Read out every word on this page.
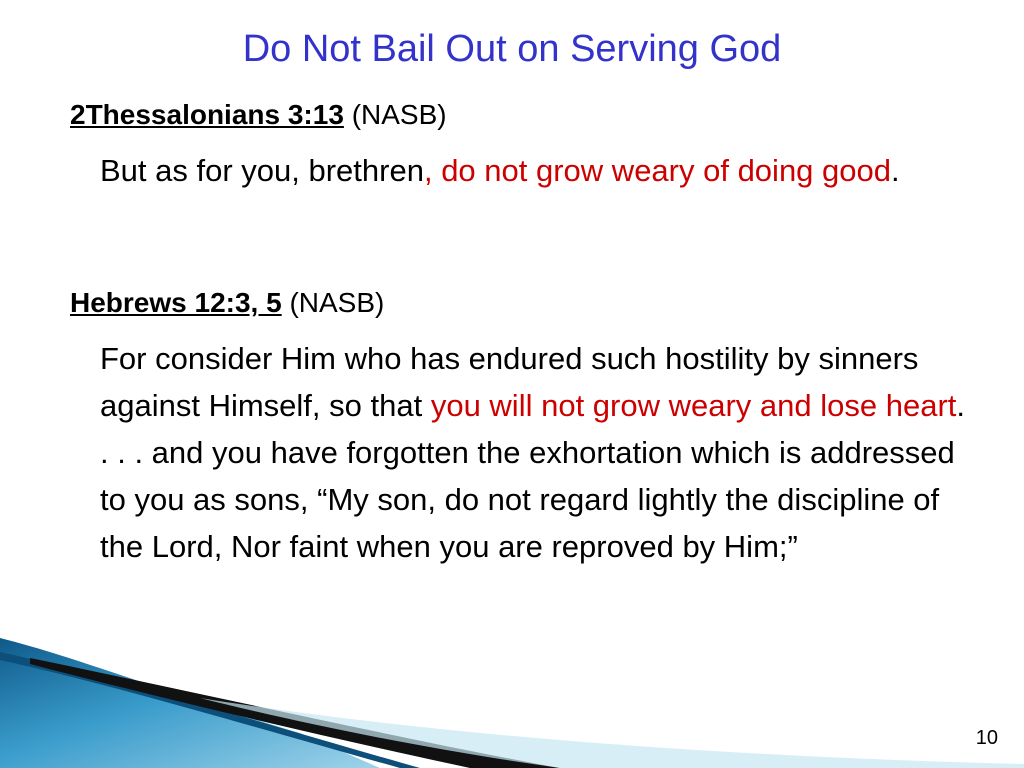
Do Not Bail Out on Serving God
2Thessalonians 3:13 (NASB)
But as for you, brethren, do not grow weary of doing good.
Hebrews 12:3, 5 (NASB)
For consider Him who has endured such hostility by sinners against Himself, so that you will not grow weary and lose heart. . . . and you have forgotten the exhortation which is addressed to you as sons, “My son, do not regard lightly the discipline of the Lord, Nor faint when you are reproved by Him;”
10
